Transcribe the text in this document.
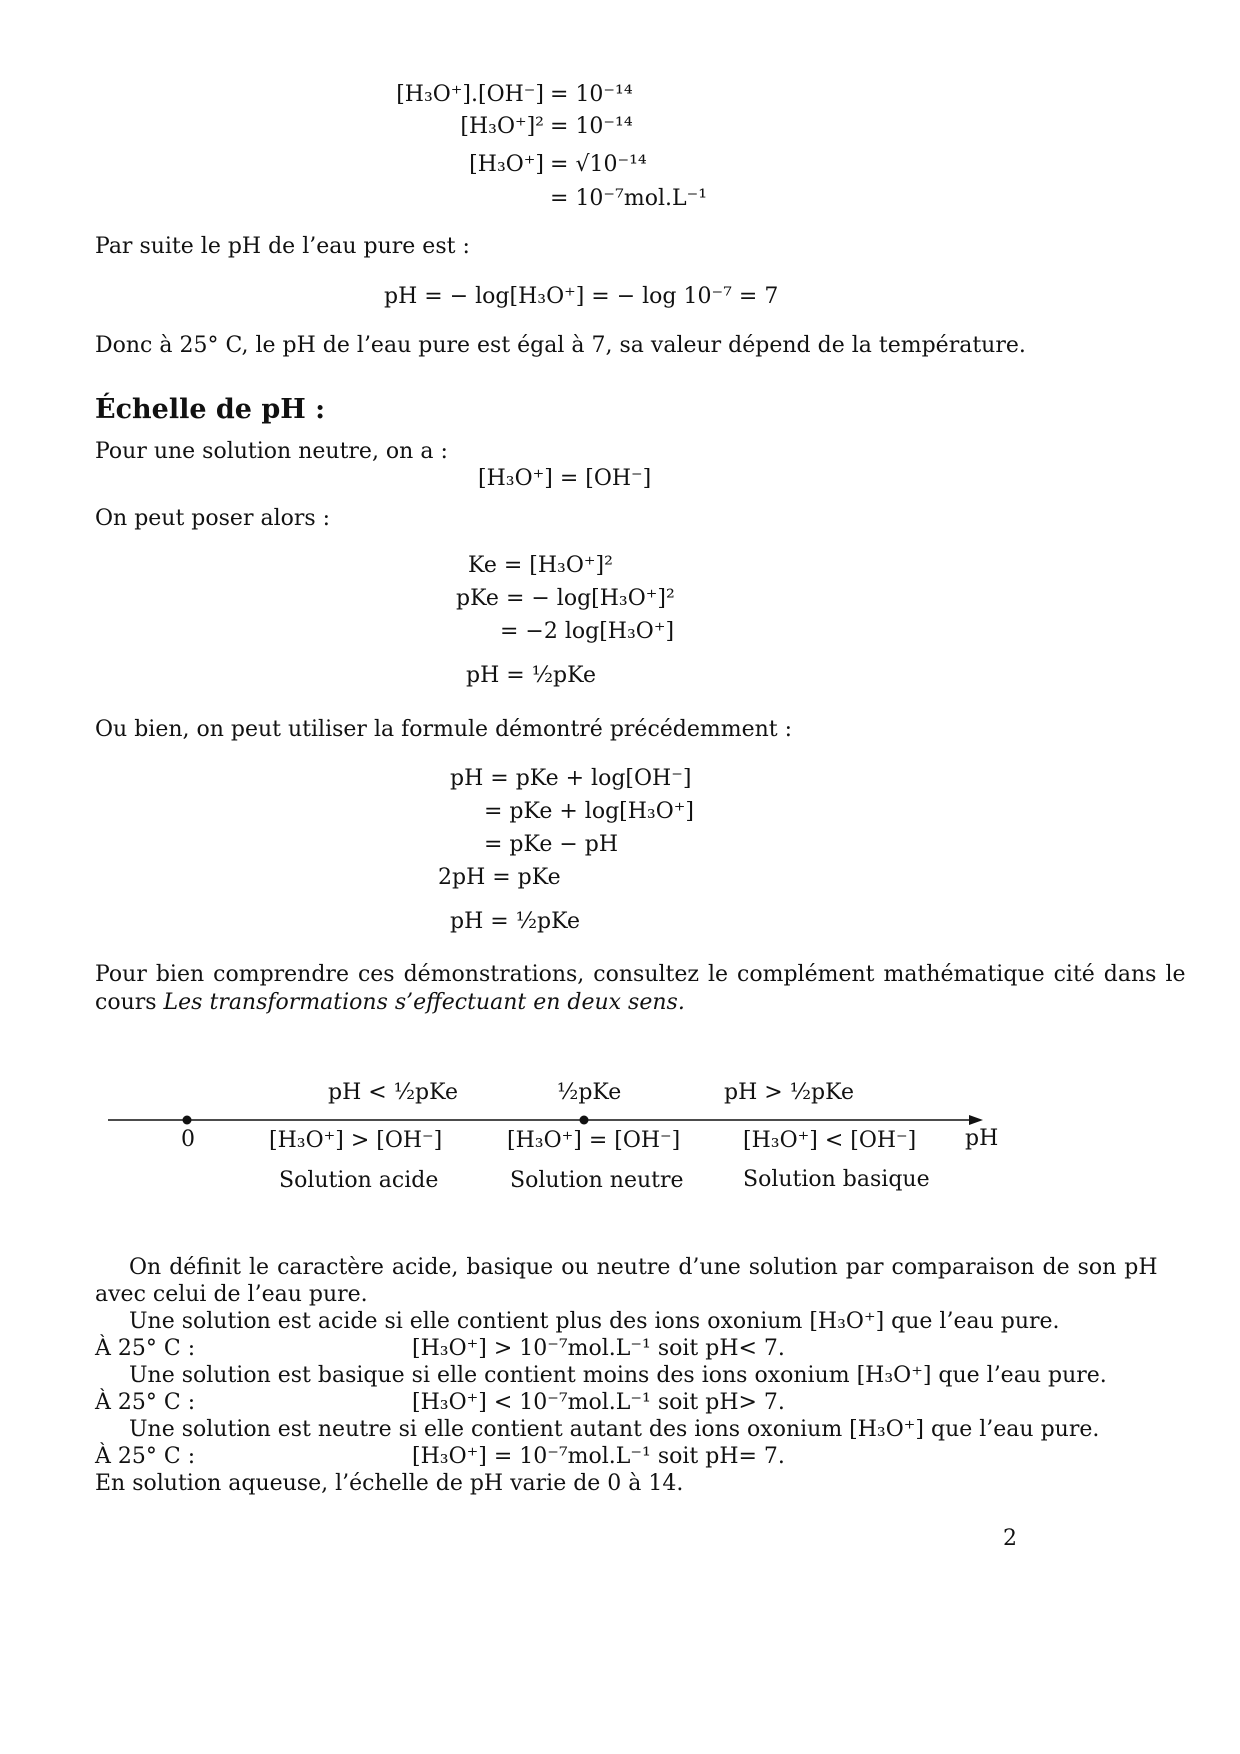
[H₃O⁺].[OH⁻]
[H₃O⁺]²
[H₃O⁺]
= 10⁻¹⁴
= 10⁻¹⁴
= √10⁻¹⁴
= 10⁻⁷mol.L⁻¹
Par suite le pH de l’eau pure est :
pH = − log[H₃O⁺] = − log 10⁻⁷ = 7
Donc à 25° C, le pH de l’eau pure est égal à 7, sa valeur dépend de la température.
Échelle de pH :
Pour une solution neutre, on a :
[H₃O⁺] = [OH⁻]
On peut poser alors :
Ke = [H₃O⁺]²
pKe = − log[H₃O⁺]²
= −2 log[H₃O⁺]
pH = ½pKe
Ou bien, on peut utiliser la formule démontré précédemment :
pH = pKe + log[OH⁻]
= pKe + log[H₃O⁺]
= pKe − pH
2pH = pKe
pH = ½pKe
Pour bien comprendre ces démonstrations, consultez le complément mathématique cité dans le
cours Les transformations s’effectuant en deux sens.
0	pH
pH < ½pKe
[H₃O⁺] > [OH⁻]
Solution acide
½pKe
[H₃O⁺] = [OH⁻]
Solution neutre
pH > ½pKe
[H₃O⁺] < [OH⁻]
Solution basique
On définit le caractère acide, basique ou neutre d’une solution par comparaison de son pH
avec celui de l’eau pure.
Une solution est acide si elle contient plus des ions oxonium [H₃O⁺] que l’eau pure.
À 25° C :	[H₃O⁺] > 10⁻⁷mol.L⁻¹ soit pH< 7.
Une solution est basique si elle contient moins des ions oxonium [H₃O⁺] que l’eau pure.
À 25° C :	[H₃O⁺] < 10⁻⁷mol.L⁻¹ soit pH> 7.
Une solution est neutre si elle contient autant des ions oxonium [H₃O⁺] que l’eau pure.
À 25° C :	[H₃O⁺] = 10⁻⁷mol.L⁻¹ soit pH= 7.
En solution aqueuse, l’échelle de pH varie de 0 à 14.
2
